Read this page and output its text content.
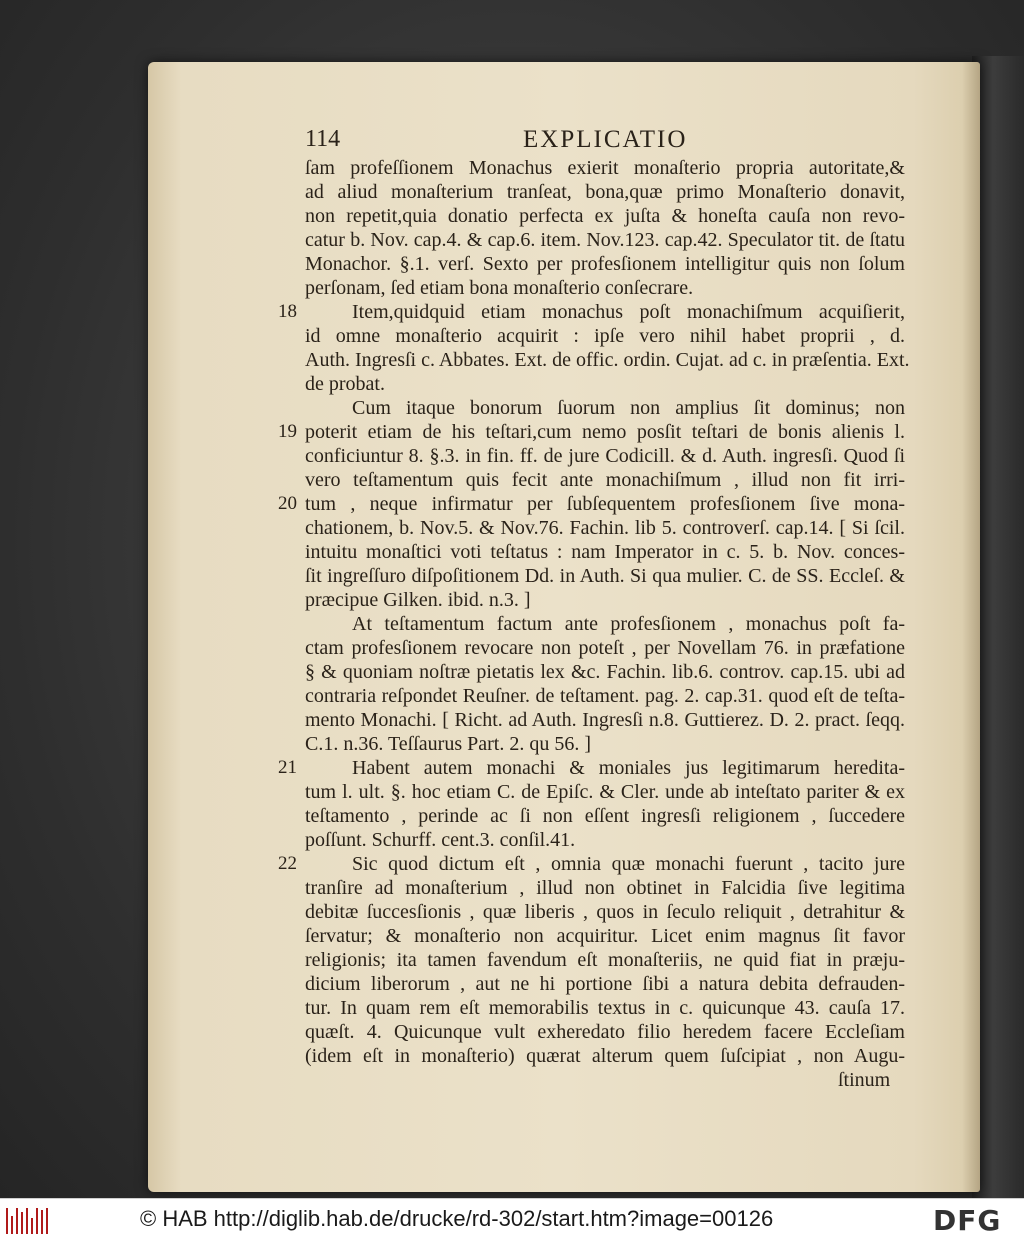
114	EXPLICATIO
ſam profeſſionem Monachus exierit monaſterio propria autoritate,&
ad aliud monaſterium tranſeat, bona,quæ primo Monaſterio donavit,
non repetit,quia donatio perfecta ex juſta & honeſta cauſa non revo-
catur b. Nov. cap.4. & cap.6. item. Nov.123. cap.42. Speculator tit. de ſtatu
Monachor. §.1. verſ. Sexto per profesſionem intelligitur quis non ſolum
perſonam, ſed etiam bona monaſterio conſecrare.
Item,quidquid etiam monachus poſt monachiſmum acquiſierit,
id omne monaſterio acquirit : ipſe vero nihil habet proprii , d.
Auth. Ingresſi c. Abbates. Ext. de offic. ordin. Cujat. ad c. in præſentia. Ext.
de probat.
Cum itaque bonorum ſuorum non amplius ſit dominus; non
poterit etiam de his teſtari,cum nemo posſit teſtari de bonis alienis l.
conficiuntur 8. §.3. in fin. ff. de jure Codicill. & d. Auth. ingresſi. Quod ſi
vero teſtamentum quis fecit ante monachiſmum , illud non fit irri-
tum , neque infirmatur per ſubſequentem profesſionem ſive mona-
chationem, b. Nov.5. & Nov.76. Fachin. lib 5. controverſ. cap.14. [ Si ſcil.
intuitu monaſtici voti teſtatus : nam Imperator in c. 5. b. Nov. conces-
ſit ingreſſuro diſpoſitionem Dd. in Auth. Si qua mulier. C. de SS. Eccleſ. &
præcipue Gilken. ibid. n.3. ]
At teſtamentum factum ante profesſionem , monachus poſt fa-
ctam profesſionem revocare non poteſt , per Novellam 76. in præfatione
§ & quoniam noſtræ pietatis lex &c. Fachin. lib.6. controv. cap.15. ubi ad
contraria reſpondet Reuſner. de teſtament. pag. 2. cap.31. quod eſt de teſta-
mento Monachi. [ Richt. ad Auth. Ingresſi n.8. Guttierez. D. 2. pract. ſeqq.
C.1. n.36. Teſſaurus Part. 2. qu 56. ]
Habent autem monachi & moniales jus legitimarum heredita-
tum l. ult. §. hoc etiam C. de Epiſc. & Cler. unde ab inteſtato pariter & ex
teſtamento , perinde ac ſi non eſſent ingresſi religionem , ſuccedere
poſſunt. Schurff. cent.3. conſil.41.
Sic quod dictum eſt , omnia quæ monachi fuerunt , tacito jure
tranſire ad monaſterium , illud non obtinet in Falcidia ſive legitima
debitæ ſuccesſionis , quæ liberis , quos in ſeculo reliquit , detrahitur &
ſervatur; & monaſterio non acquiritur. Licet enim magnus ſit favor
religionis; ita tamen favendum eſt monaſteriis, ne quid fiat in præju-
dicium liberorum , aut ne hi portione ſibi a natura debita defrauden-
tur. In quam rem eſt memorabilis textus in c. quicunque 43. cauſa 17.
quæſt. 4. Quicunque vult exheredato filio heredem facere Eccleſiam
(idem eſt in monaſterio) quærat alterum quem ſuſcipiat , non Augu-
ſtinum
18
19
20
21
22
© HAB http://diglib.hab.de/drucke/rd-302/start.htm?image=00126	DFG
